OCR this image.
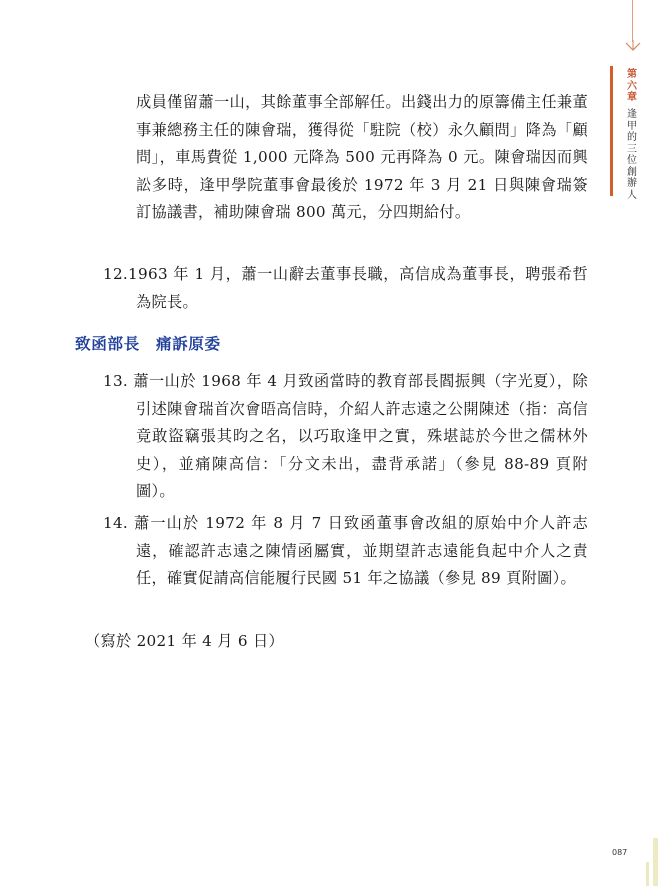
第六章
逢甲的三位創辦人
成員僅留蕭一山，其餘董事全部解任。出錢出力的原籌備主任兼董事兼總務主任的陳會瑞，獲得從「駐院（校）永久顧問」降為「顧問」，車馬費從 1,000 元降為 500 元再降為 0 元。陳會瑞因而興訟多時，逢甲學院董事會最後於 1972 年 3 月 21 日與陳會瑞簽訂協議書，補助陳會瑞 800 萬元，分四期給付。
12.1963 年 1 月，蕭一山辭去董事長職，高信成為董事長，聘張希哲為院長。
致函部長　痛訴原委
13. 蕭一山於 1968 年 4 月致函當時的教育部長閻振興（字光夏），除引述陳會瑞首次會晤高信時，介紹人許志遠之公開陳述（指：高信竟敢盜竊張其昀之名，以巧取逢甲之實，殊堪誌於今世之儒林外史），並痛陳高信：「分文未出，盡背承諾」（參見 88-89 頁附圖）。
14. 蕭一山於 1972 年 8 月 7 日致函董事會改組的原始中介人許志遠，確認許志遠之陳情函屬實，並期望許志遠能負起中介人之責任，確實促請高信能履行民國 51 年之協議（參見 89 頁附圖）。
（寫於 2021 年 4 月 6 日）
087
